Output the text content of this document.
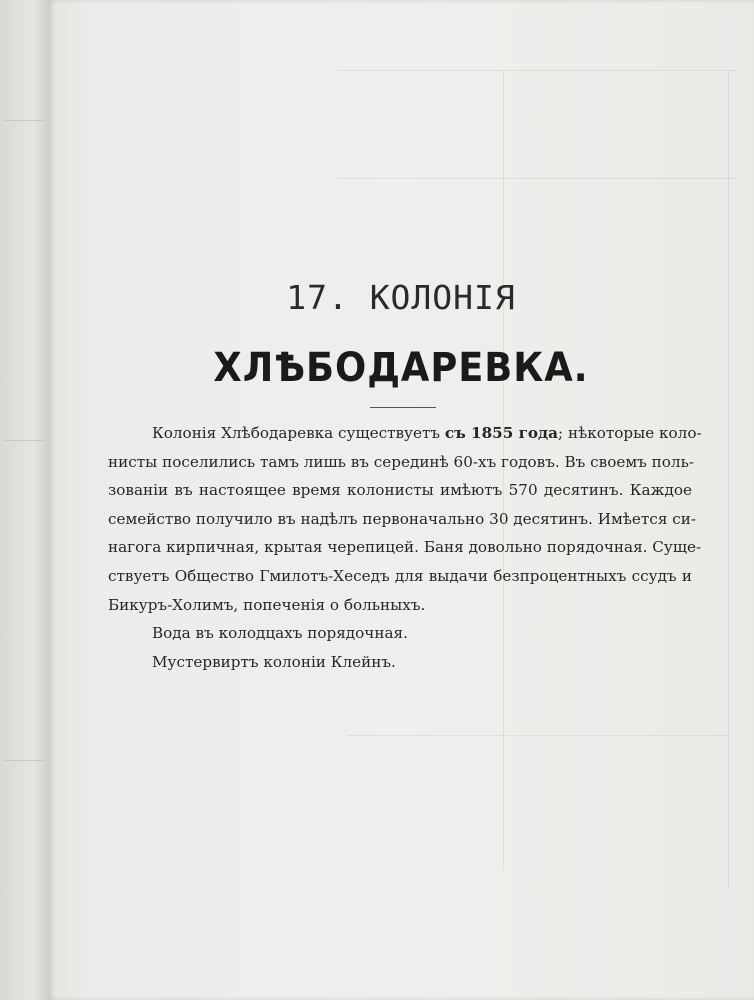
17. КОЛОНІЯ
ХЛѢБОДАРЕВКА.
Колонія Хлѣбодаревка существуетъ съ 1855 года; нѣкоторые коло-
нисты поселились тамъ лишь въ серединѣ 60-хъ годовъ. Въ своемъ поль-
зованіи въ настоящее время колонисты имѣютъ 570 десятинъ. Каждое
семейство получило въ надѣлъ первоначально 30 десятинъ. Имѣется си-
нагога кирпичная, крытая черепицей. Баня довольно порядочная. Суще-
ствуетъ Общество Гмилотъ-Хеседъ для выдачи безпроцентныхъ ссудъ и
Бикуръ-Холимъ, попеченія о больныхъ.

Вода въ колодцахъ порядочная.

Мустервиртъ колоніи Клейнъ.
